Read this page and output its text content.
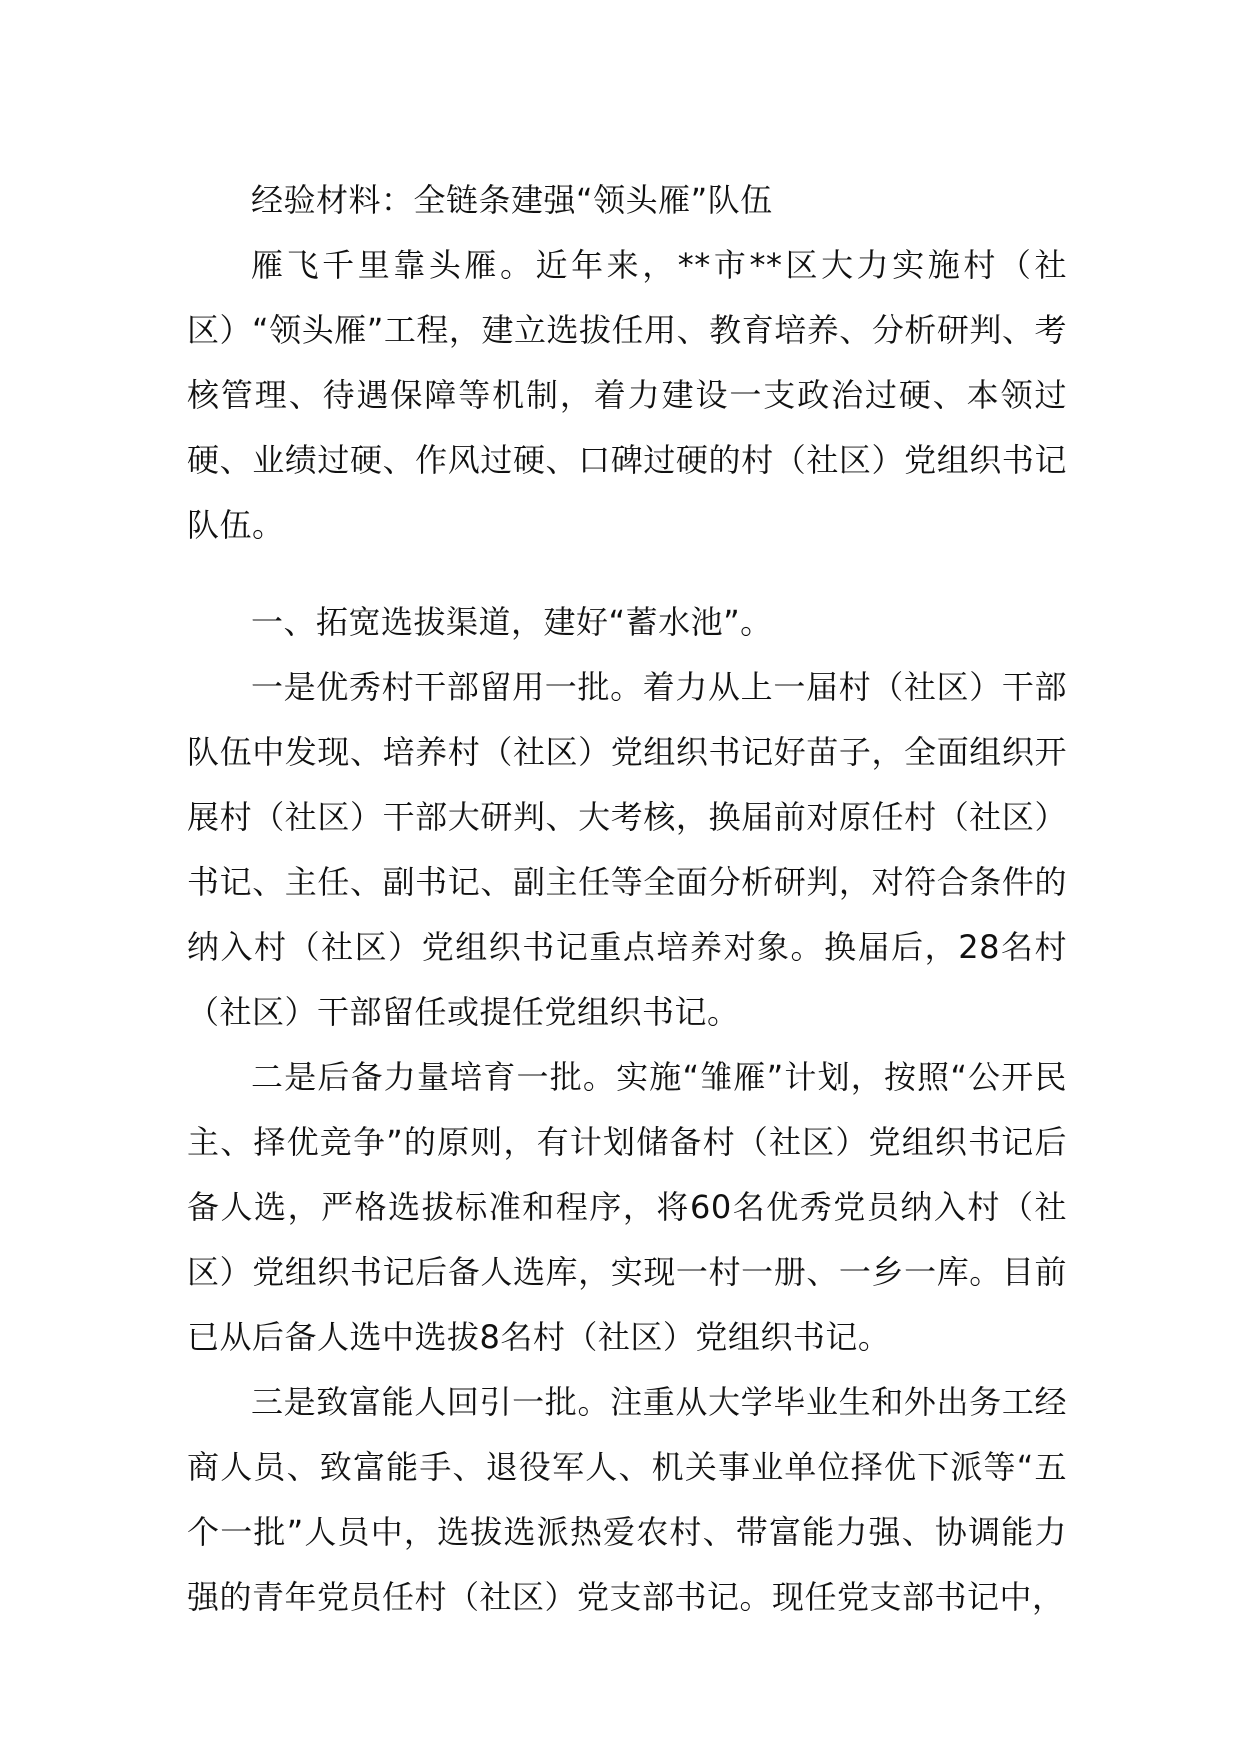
经验材料：全链条建强“领头雁”队伍

雁飞千里靠头雁。近年来，**市**区大力实施村（社区）“领头雁”工程，建立选拔任用、教育培养、分析研判、考核管理、待遇保障等机制，着力建设一支政治过硬、本领过硬、业绩过硬、作风过硬、口碑过硬的村（社区）党组织书记队伍。

一、拓宽选拔渠道，建好“蓄水池”。

一是优秀村干部留用一批。着力从上一届村（社区）干部队伍中发现、培养村（社区）党组织书记好苗子，全面组织开展村（社区）干部大研判、大考核，换届前对原任村（社区）书记、主任、副书记、副主任等全面分析研判，对符合条件的纳入村（社区）党组织书记重点培养对象。换届后，28名村（社区）干部留任或提任党组织书记。

二是后备力量培育一批。实施“雏雁”计划，按照“公开民主、择优竞争”的原则，有计划储备村（社区）党组织书记后备人选，严格选拔标准和程序，将60名优秀党员纳入村（社区）党组织书记后备人选库，实现一村一册、一乡一库。目前已从后备人选中选拔8名村（社区）党组织书记。

三是致富能人回引一批。注重从大学毕业生和外出务工经商人员、致富能手、退役军人、机关事业单位择优下派等“五个一批”人员中，选拔选派热爱农村、带富能力强、协调能力强的青年党员任村（社区）党支部书记。现任党支部书记中，
